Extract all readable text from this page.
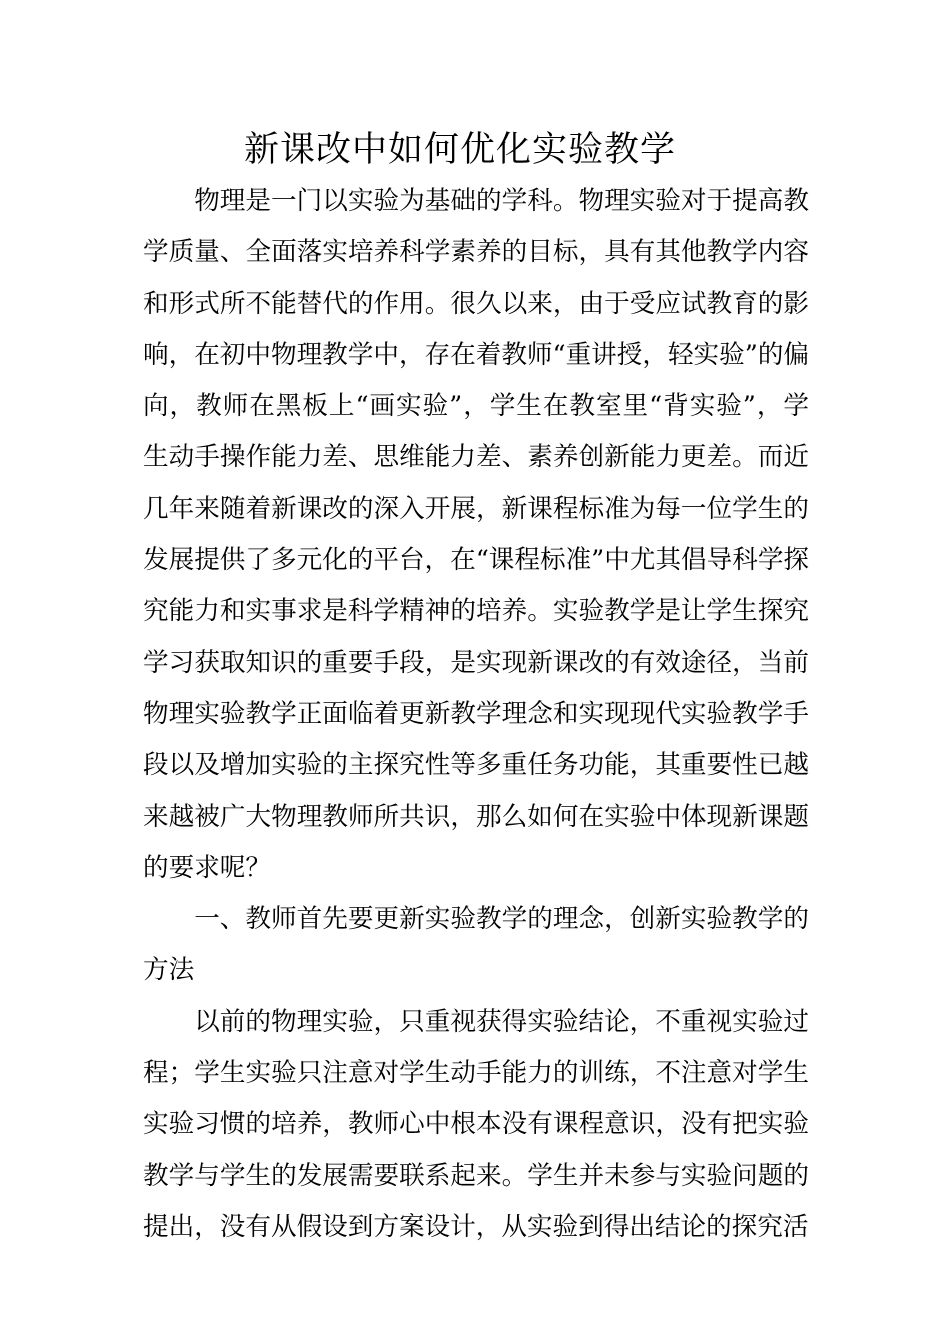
新课改中如何优化实验教学

物理是一门以实验为基础的学科。物理实验对于提高教学质量、全面落实培养科学素养的目标，具有其他教学内容和形式所不能替代的作用。很久以来，由于受应试教育的影响，在初中物理教学中，存在着教师“重讲授，轻实验”的偏向，教师在黑板上“画实验”，学生在教室里“背实验”，学生动手操作能力差、思维能力差、素养创新能力更差。而近几年来随着新课改的深入开展，新课程标准为每一位学生的发展提供了多元化的平台，在“课程标准”中尤其倡导科学探究能力和实事求是科学精神的培养。实验教学是让学生探究学习获取知识的重要手段，是实现新课改的有效途径，当前物理实验教学正面临着更新教学理念和实现现代实验教学手段以及增加实验的主探究性等多重任务功能，其重要性已越来越被广大物理教师所共识，那么如何在实验中体现新课题的要求呢？

一、教师首先要更新实验教学的理念，创新实验教学的方法

以前的物理实验，只重视获得实验结论，不重视实验过程；学生实验只注意对学生动手能力的训练，不注意对学生实验习惯的培养，教师心中根本没有课程意识，没有把实验教学与学生的发展需要联系起来。学生并未参与实验问题的提出，没有从假设到方案设计，从实验到得出结论的探究活
